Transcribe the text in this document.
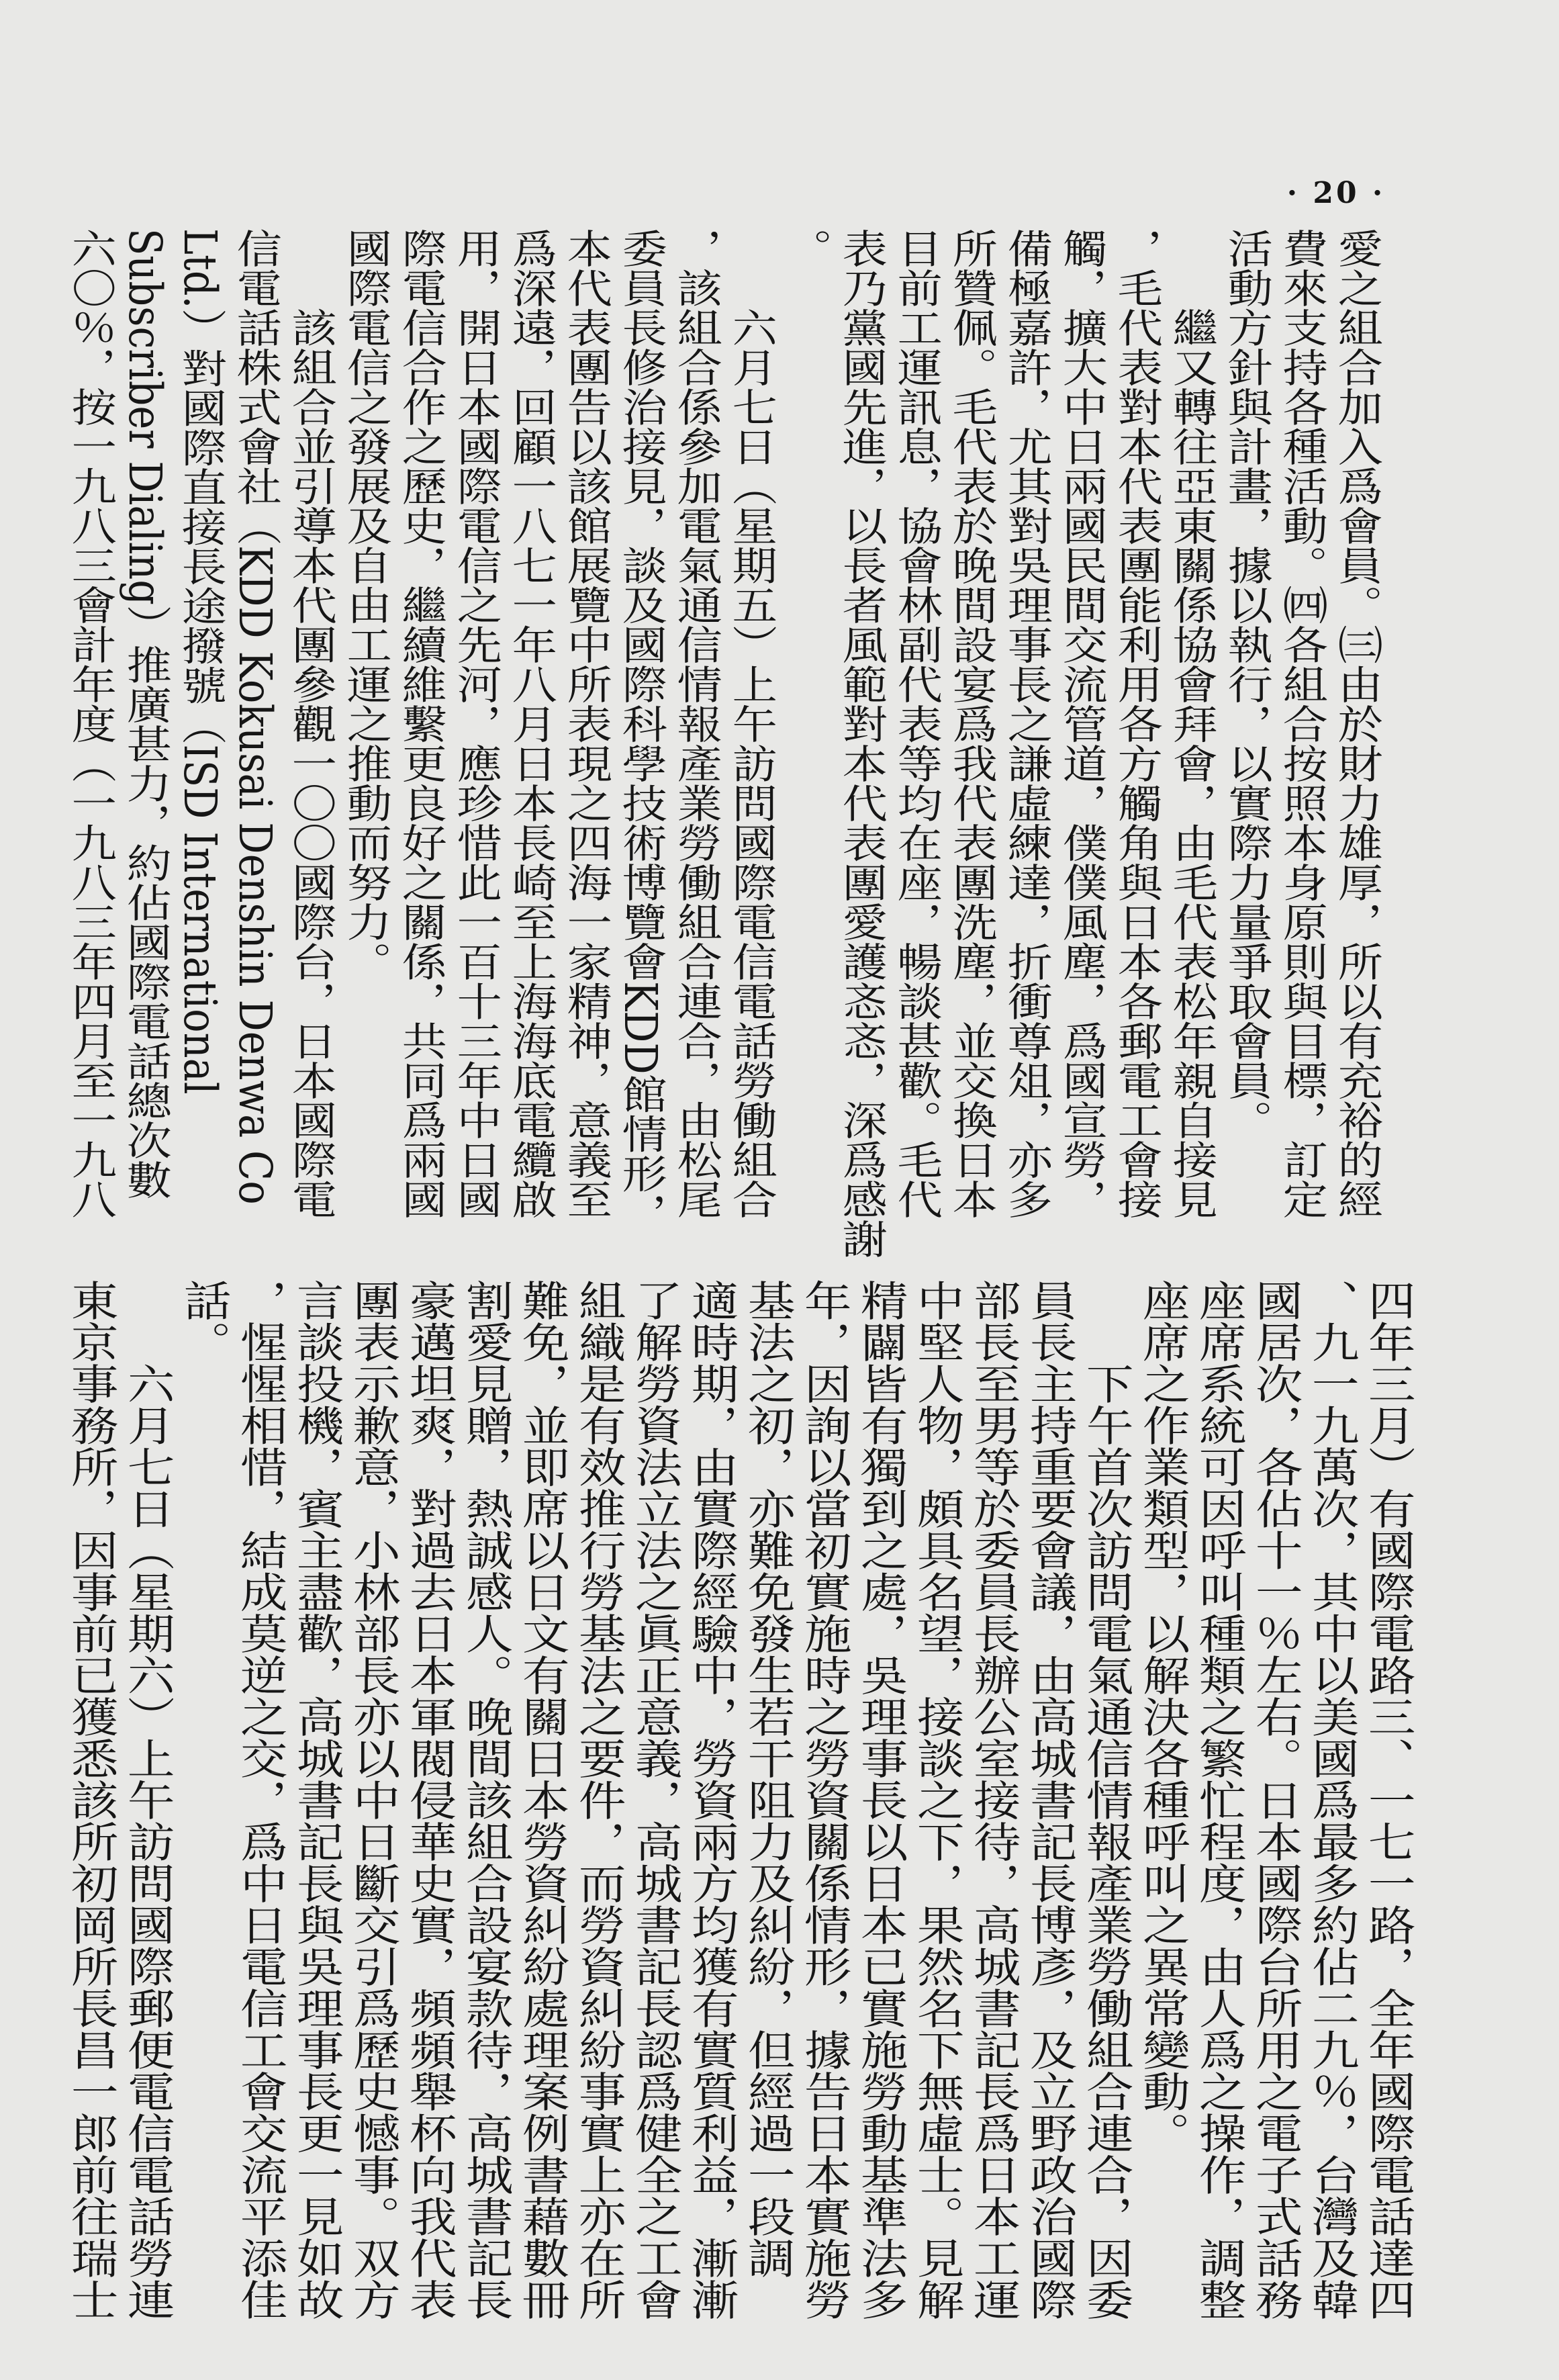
· 20 ·
愛之組合加入爲會員。㈢由於財力雄厚，所以有充裕的經
費來支持各種活動。㈣各組合按照本身原則與目標，訂定
活動方針與計畫，據以執行，以實際力量爭取會員。
繼又轉往亞東關係協會拜會，由毛代表松年親自接見
，毛代表對本代表團能利用各方觸角與日本各郵電工會接
觸，擴大中日兩國民間交流管道，僕僕風塵，爲國宣勞，
備極嘉許，尤其對吳理事長之謙虛練達，折衝尊俎，亦多
所贊佩。毛代表於晚間設宴爲我代表團洗塵，並交換日本
目前工運訊息，協會林副代表等均在座，暢談甚歡。毛代
表乃黨國先進，以長者風範對本代表團愛護忞忞，深爲感謝
。
六月七日（星期五）上午訪問國際電信電話勞働組合
，該組合係參加電氣通信情報產業勞働組合連合，由松尾
委員長修治接見，談及國際科學技術博覽會KDD館情形，
本代表團告以該館展覽中所表現之四海一家精神，意義至
爲深遠，回顧一八七一年八月日本長崎至上海海底電纜啟
用，開日本國際電信之先河，應珍惜此一百十三年中日國
際電信合作之歷史，繼續維繫更良好之關係，共同爲兩國
國際電信之發展及自由工運之推動而努力。
該組合並引導本代團參觀一〇〇國際台，日本國際電
信電話株式會社（KDD Kokusai Denshin Denwa Co
Ltd.）對國際直接長途撥號（ISD International
Subscriber Dialing）推廣甚力，約佔國際電話總次數
六〇％，按一九八三會計年度（一九八三年四月至一九八
四年三月）有國際電路三、一七一路，全年國際電話達四
、九一九萬次，其中以美國爲最多約佔二九％，台灣及韓
國居次，各佔十一％左右。日本國際台所用之電子式話務
座席系統可因呼叫種類之繁忙程度，由人爲之操作，調整
座席之作業類型，以解決各種呼叫之異常變動。
下午首次訪問電氣通信情報產業勞働組合連合，因委
員長主持重要會議，由高城書記長博彥，及立野政治國際
部長至男等於委員長辦公室接待，高城書記長爲日本工運
中堅人物，頗具名望，接談之下，果然名下無虛士。見解
精闢皆有獨到之處，吳理事長以日本已實施勞動基準法多
年，因詢以當初實施時之勞資關係情形，據告日本實施勞
基法之初，亦難免發生若干阻力及糾紛，但經過一段調
適時期，由實際經驗中，勞資兩方均獲有實質利益，漸漸
了解勞資法立法之眞正意義，高城書記長認爲健全之工會
組織是有效推行勞基法之要件，而勞資糾紛事實上亦在所
難免，並即席以日文有關日本勞資糾紛處理案例書藉數冊
割愛見贈，熱誠感人。晚間該組合設宴款待，高城書記長
豪邁坦爽，對過去日本軍閥侵華史實，頻頻舉杯向我代表
團表示歉意，小林部長亦以中日斷交引爲歷史憾事。双方
言談投機，賓主盡歡，高城書記長與吳理事長更一見如故
，惺惺相惜，結成莫逆之交，爲中日電信工會交流平添佳
話。
六月七日（星期六）上午訪問國際郵便電信電話勞連
東京事務所，因事前已獲悉該所初岡所長昌一郎前往瑞士
